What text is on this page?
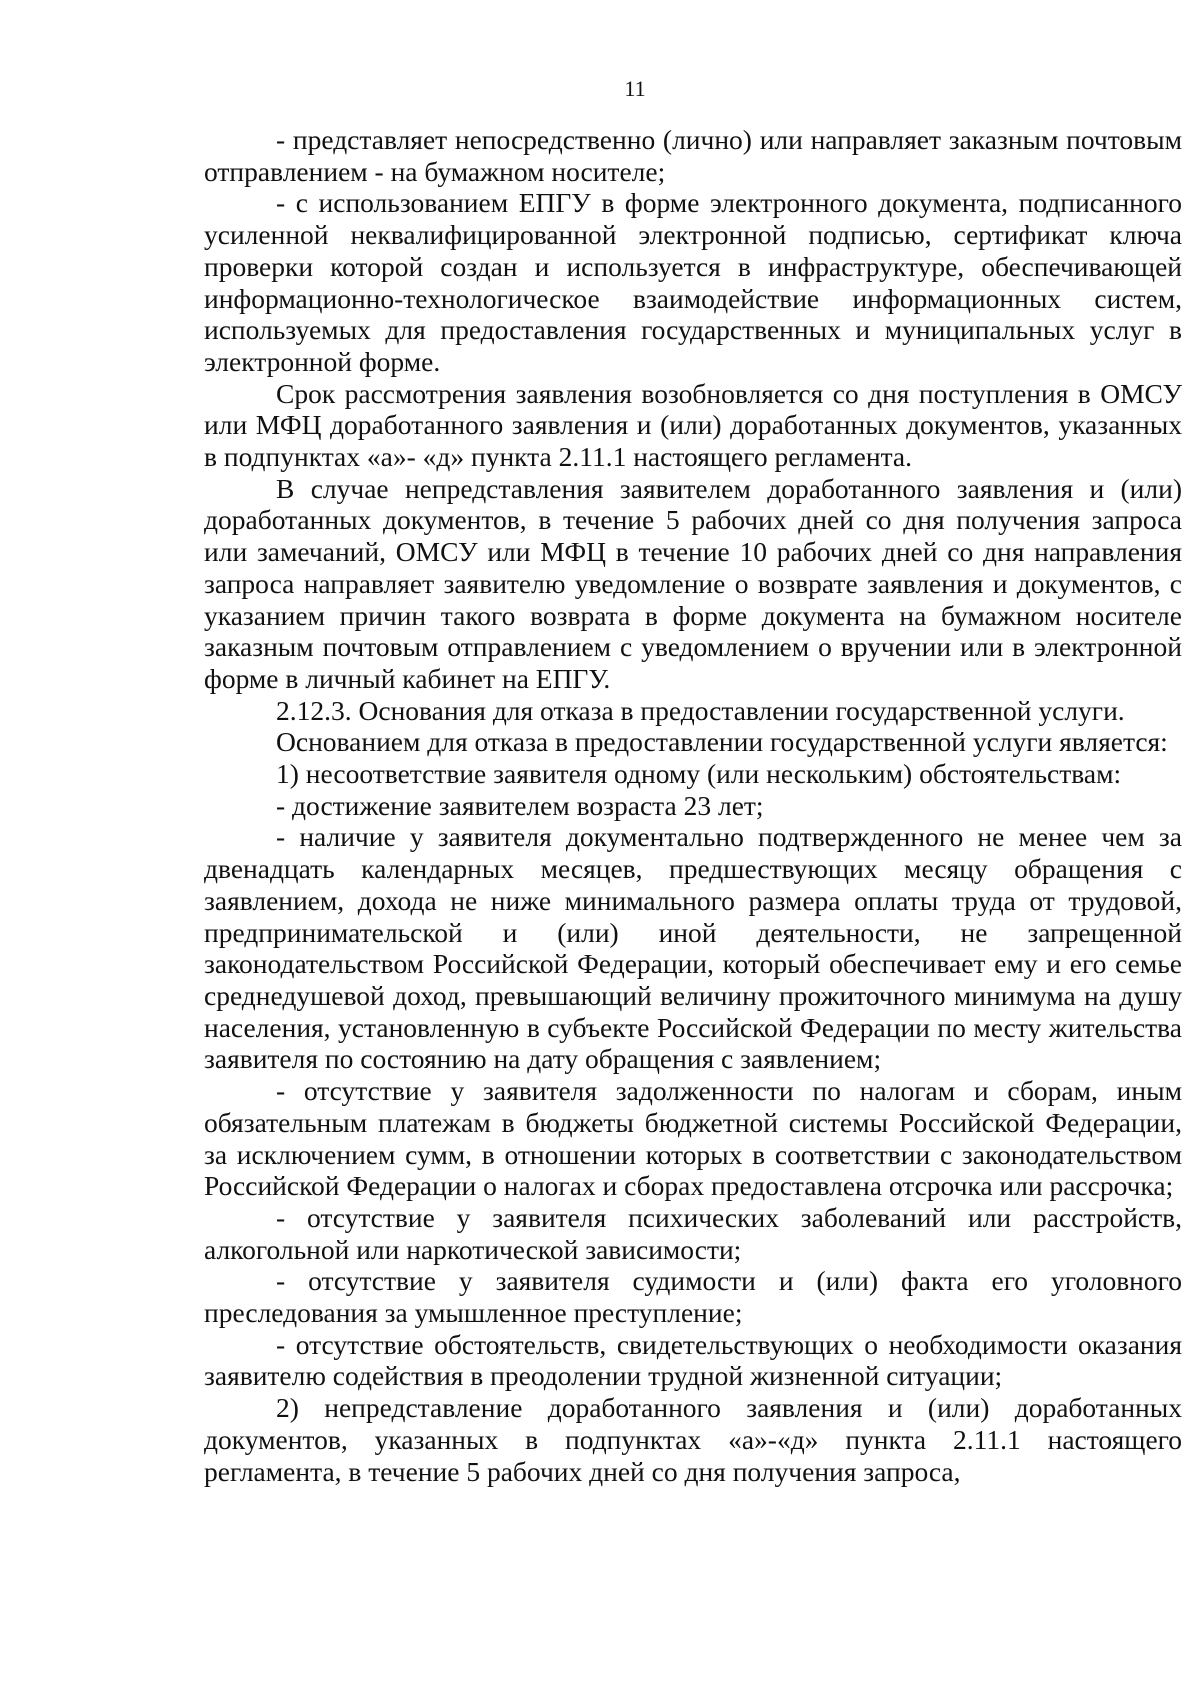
11

- представляет непосредственно (лично) или направляет заказным почтовым отправлением - на бумажном носителе;

- с использованием ЕПГУ в форме электронного документа, подписанного усиленной неквалифицированной электронной подписью, сертификат ключа проверки которой создан и используется в инфраструктуре, обеспечивающей информационно-технологическое взаимодействие информационных систем, используемых для предоставления государственных и муниципальных услуг в электронной форме.

Срок рассмотрения заявления возобновляется со дня поступления в ОМСУ или МФЦ доработанного заявления и (или) доработанных документов, указанных в подпунктах «а»- «д» пункта 2.11.1 настоящего регламента.

В случае непредставления заявителем доработанного заявления и (или) доработанных документов, в течение 5 рабочих дней со дня получения запроса или замечаний, ОМСУ или МФЦ в течение 10 рабочих дней со дня направления запроса направляет заявителю уведомление о возврате заявления и документов, с указанием причин такого возврата в форме документа на бумажном носителе заказным почтовым отправлением с уведомлением о вручении или в электронной форме в личный кабинет на ЕПГУ.

2.12.3. Основания для отказа в предоставлении государственной услуги.

Основанием для отказа в предоставлении государственной услуги является:

1) несоответствие заявителя одному (или нескольким) обстоятельствам:

- достижение заявителем возраста 23 лет;

- наличие у заявителя документально подтвержденного не менее чем за двенадцать календарных месяцев, предшествующих месяцу обращения с заявлением, дохода не ниже минимального размера оплаты труда от трудовой, предпринимательской и (или) иной деятельности, не запрещенной законодательством Российской Федерации, который обеспечивает ему и его семье среднедушевой доход, превышающий величину прожиточного минимума на душу населения, установленную в субъекте Российской Федерации по месту жительства заявителя по состоянию на дату обращения с заявлением;

- отсутствие у заявителя задолженности по налогам и сборам, иным обязательным платежам в бюджеты бюджетной системы Российской Федерации, за исключением сумм, в отношении которых в соответствии с законодательством Российской Федерации о налогах и сборах предоставлена отсрочка или рассрочка;

- отсутствие у заявителя психических заболеваний или расстройств, алкогольной или наркотической зависимости;

- отсутствие у заявителя судимости и (или) факта его уголовного преследования за умышленное преступление;

- отсутствие обстоятельств, свидетельствующих о необходимости оказания заявителю содействия в преодолении трудной жизненной ситуации;

2) непредставление доработанного заявления и (или) доработанных документов, указанных в подпунктах «а»-«д» пункта 2.11.1 настоящего регламента, в течение 5 рабочих дней со дня получения запроса,
